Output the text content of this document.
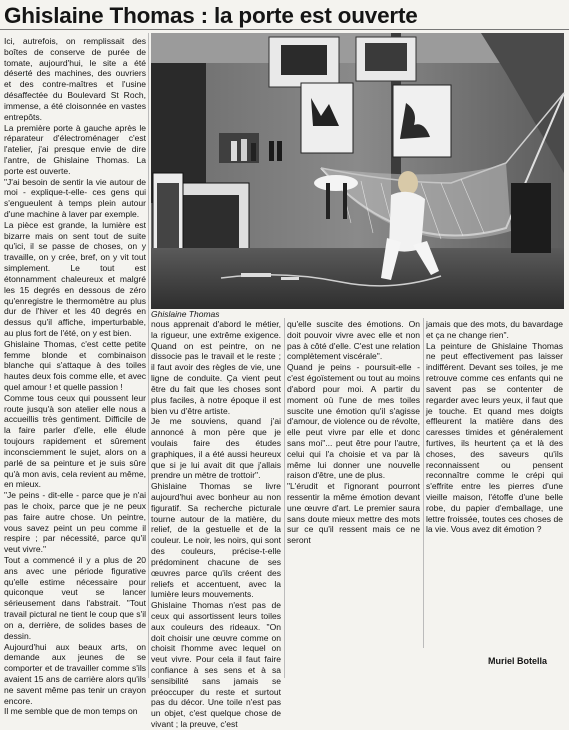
Ghislaine Thomas : la porte est ouverte

Ici, autrefois, on remplissait des boîtes de conserve de purée de tomate, aujourd'hui, le site a été déserté des machines, des ouvriers et des contre-maîtres et l'usine désaffectée du Boulevard St Roch, immense, a été cloisonnée en vastes entrepôts.

La première porte à gauche après le réparateur d'électroménager c'est l'atelier, j'ai presque envie de dire l'antre, de Ghislaine Thomas. La porte est ouverte.

"J'ai besoin de sentir la vie autour de moi - explique-t-elle- ces gens qui s'engueulent à temps plein autour d'une machine à laver par exemple.

La pièce est grande, la lumière est bizarre mais on sent tout de suite qu'ici, il se passe de choses, on y travaille, on y crée, bref, on y vit tout simplement. Le tout est étonnamment chaleureux et malgré les 15 degrés en dessous de zéro qu'enregistre le thermomètre au plus dur de l'hiver et les 40 degrés en dessus qu'il affiche, imperturbable, au plus fort de l'été, on y est bien.

Ghislaine Thomas, c'est cette petite femme blonde et combinaison blanche qui s'attaque à des toiles hautes deux fois comme elle, et avec quel amour ! et quelle passion !

Comme tous ceux qui poussent leur route jusqu'à son atelier elle nous a accueillis très gentiment. Difficile de la faire parler d'elle, elle élude toujours rapidement et sûrement inconsciemment le sujet, alors on a parlé de sa peinture et je suis sûre qu'à mon avis, cela revient au même, en mieux.

"Je peins - dit-elle - parce que je n'ai pas le choix, parce que je ne peux pas faire autre chose. Un peintre, vous savez peint un peu comme il respire ; par nécessité, parce qu'il veut vivre."

Tout a commencé il y a plus de 20 ans avec une période figurative qu'elle estime nécessaire pour quiconque veut se lancer sérieusement dans l'abstrait. "Tout travail pictural ne tient le coup que s'il on a, derrière, de solides bases de dessin.

Aujourd'hui aux beaux arts, on demande aux jeunes de se comporter et de travailler comme s'ils avaient 15 ans de carrière alors qu'ils ne savent même pas tenir un crayon encore.

Il me semble que de mon temps on

Ghislaine Thomas

nous apprenait d'abord le métier, la rigueur, une extrême exigence. Quand on est peintre, on ne dissocie pas le travail et le reste ; il faut avoir des règles de vie, une ligne de conduite. Ça vient peut être du fait que les choses sont plus faciles, à notre époque il est bien vu d'être artiste.

Je me souviens, quand j'ai annoncé à mon père que je voulais faire des études graphiques, il a été aussi heureux que si je lui avait dit que j'allais prendre un mètre de trottoir".

Ghislaine Thomas se livre aujourd'hui avec bonheur au non figuratif. Sa recherche picturale tourne autour de la matière, du relief, de la gestuelle et de la couleur. Le noir, les noirs, qui sont des couleurs, précise-t-elle prédominent chacune de ses œuvres parce qu'ils créent des reliefs et accentuent, avec la lumière leurs mouvements.

Ghislaine Thomas n'est pas de ceux qui assortissent leurs toiles aux couleurs des rideaux. "On doit choisir une œuvre comme on choisit l'homme avec lequel on veut vivre. Pour cela il faut faire confiance à ses sens et à sa sensibilité sans jamais se préoccuper du reste et surtout pas du décor. Une toile n'est pas un objet, c'est quelque chose de vivant ; la preuve, c'est

qu'elle suscite des émotions. On doit pouvoir vivre avec elle et non pas à côté d'elle. C'est une relation complètement viscérale".

Quand je peins - poursuit-elle - c'est égoïstement ou tout au moins d'abord pour moi. A partir du moment où l'une de mes toiles suscite une émotion qu'il s'agisse d'amour, de violence ou de révolte, elle peut vivre par elle et donc sans moi"... peut être pour l'autre, celui qui l'a choisie et va par là même lui donner une nouvelle raison d'être, une de plus.

"L'érudit et l'ignorant pourront ressentir la même émotion devant une œuvre d'art. Le premier saura sans doute mieux mettre des mots sur ce qu'il ressent mais ce ne seront

jamais que des mots, du bavardage et ça ne change rien".

La peinture de Ghislaine Thomas ne peut effectivement pas laisser indifférent. Devant ses toiles, je me retrouve comme ces enfants qui ne savent pas se contenter de regarder avec leurs yeux, il faut que je touche. Et quand mes doigts effleurent la matière dans des caresses timides et généralement furtives, ils heurtent ça et là des choses, des saveurs qu'ils reconnaissent ou pensent reconnaître comme le crépi qui s'effrite entre les pierres d'une vieille maison, l'étoffe d'une belle robe, du papier d'emballage, une lettre froissée, toutes ces choses de la vie. Vous avez dit émotion ?

Muriel Botella
